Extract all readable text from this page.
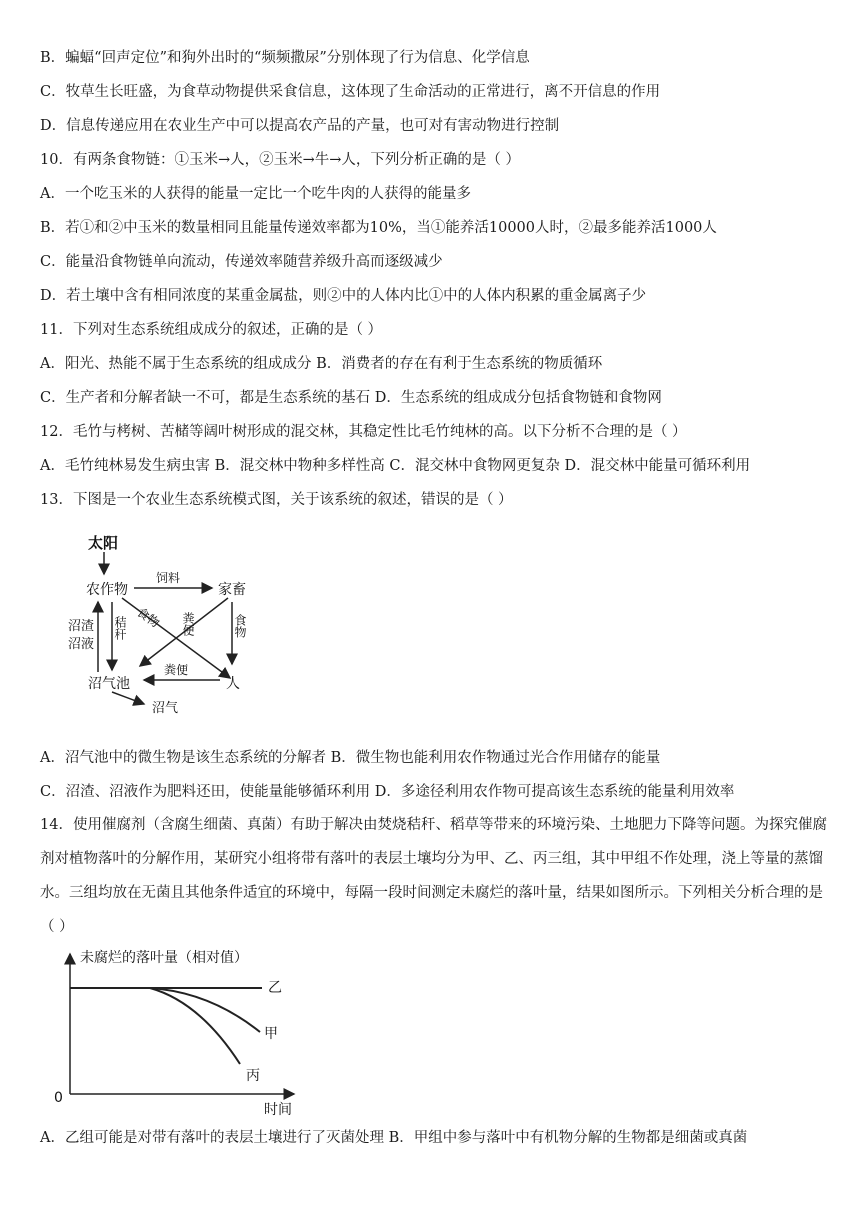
B．蝙蝠“回声定位”和狗外出时的“频频撒尿”分别体现了行为信息、化学信息
C．牧草生长旺盛，为食草动物提供采食信息，这体现了生命活动的正常进行，离不开信息的作用
D．信息传递应用在农业生产中可以提高农产品的产量，也可对有害动物进行控制
10．有两条食物链：①玉米→人，②玉米→牛→人，下列分析正确的是（ ）
A．一个吃玉米的人获得的能量一定比一个吃牛肉的人获得的能量多
B．若①和②中玉米的数量相同且能量传递效率都为10%，当①能养活10000人时，②最多能养活1000人
C．能量沿食物链单向流动，传递效率随营养级升高而逐级减少
D．若土壤中含有相同浓度的某重金属盐，则②中的人体内比①中的人体内积累的重金属离子少
11．下列对生态系统组成成分的叙述，正确的是（ ）
A．阳光、热能不属于生态系统的组成成分 B．消费者的存在有利于生态系统的物质循环
C．生产者和分解者缺一不可，都是生态系统的基石 D．生态系统的组成成分包括食物链和食物网
12．毛竹与栲树、苦槠等阔叶树形成的混交林，其稳定性比毛竹纯林的高。以下分析不合理的是（ ）
A．毛竹纯林易发生病虫害 B．混交林中物种多样性高 C．混交林中食物网更复杂 D．混交林中能量可循环利用
13．下图是一个农业生态系统模式图，关于该系统的叙述，错误的是（ ）
太阳
农作物	家畜
饲料
食物 粪便	食物
秸秆
沼渣
沼液
粪便
沼气池	人
沼气
A．沼气池中的微生物是该生态系统的分解者 B．微生物也能利用农作物通过光合作用储存的能量
C．沼渣、沼液作为肥料还田，使能量能够循环利用 D．多途径利用农作物可提高该生态系统的能量利用效率
14．使用催腐剂（含腐生细菌、真菌）有助于解决由焚烧秸秆、稻草等带来的环境污染、土地肥力下降等问题。为探究催腐剂对植物落叶的分解作用，某研究小组将带有落叶的表层土壤均分为甲、乙、丙三组，其中甲组不作处理，浇上等量的蒸馏水。三组均放在无菌且其他条件适宜的环境中，每隔一段时间测定未腐烂的落叶量，结果如图所示。下列相关分析合理的是（ ）
未腐烂的落叶量（相对值）
时间
0
乙
甲
丙
A．乙组可能是对带有落叶的表层土壤进行了灭菌处理 B．甲组中参与落叶中有机物分解的生物都是细菌或真菌
